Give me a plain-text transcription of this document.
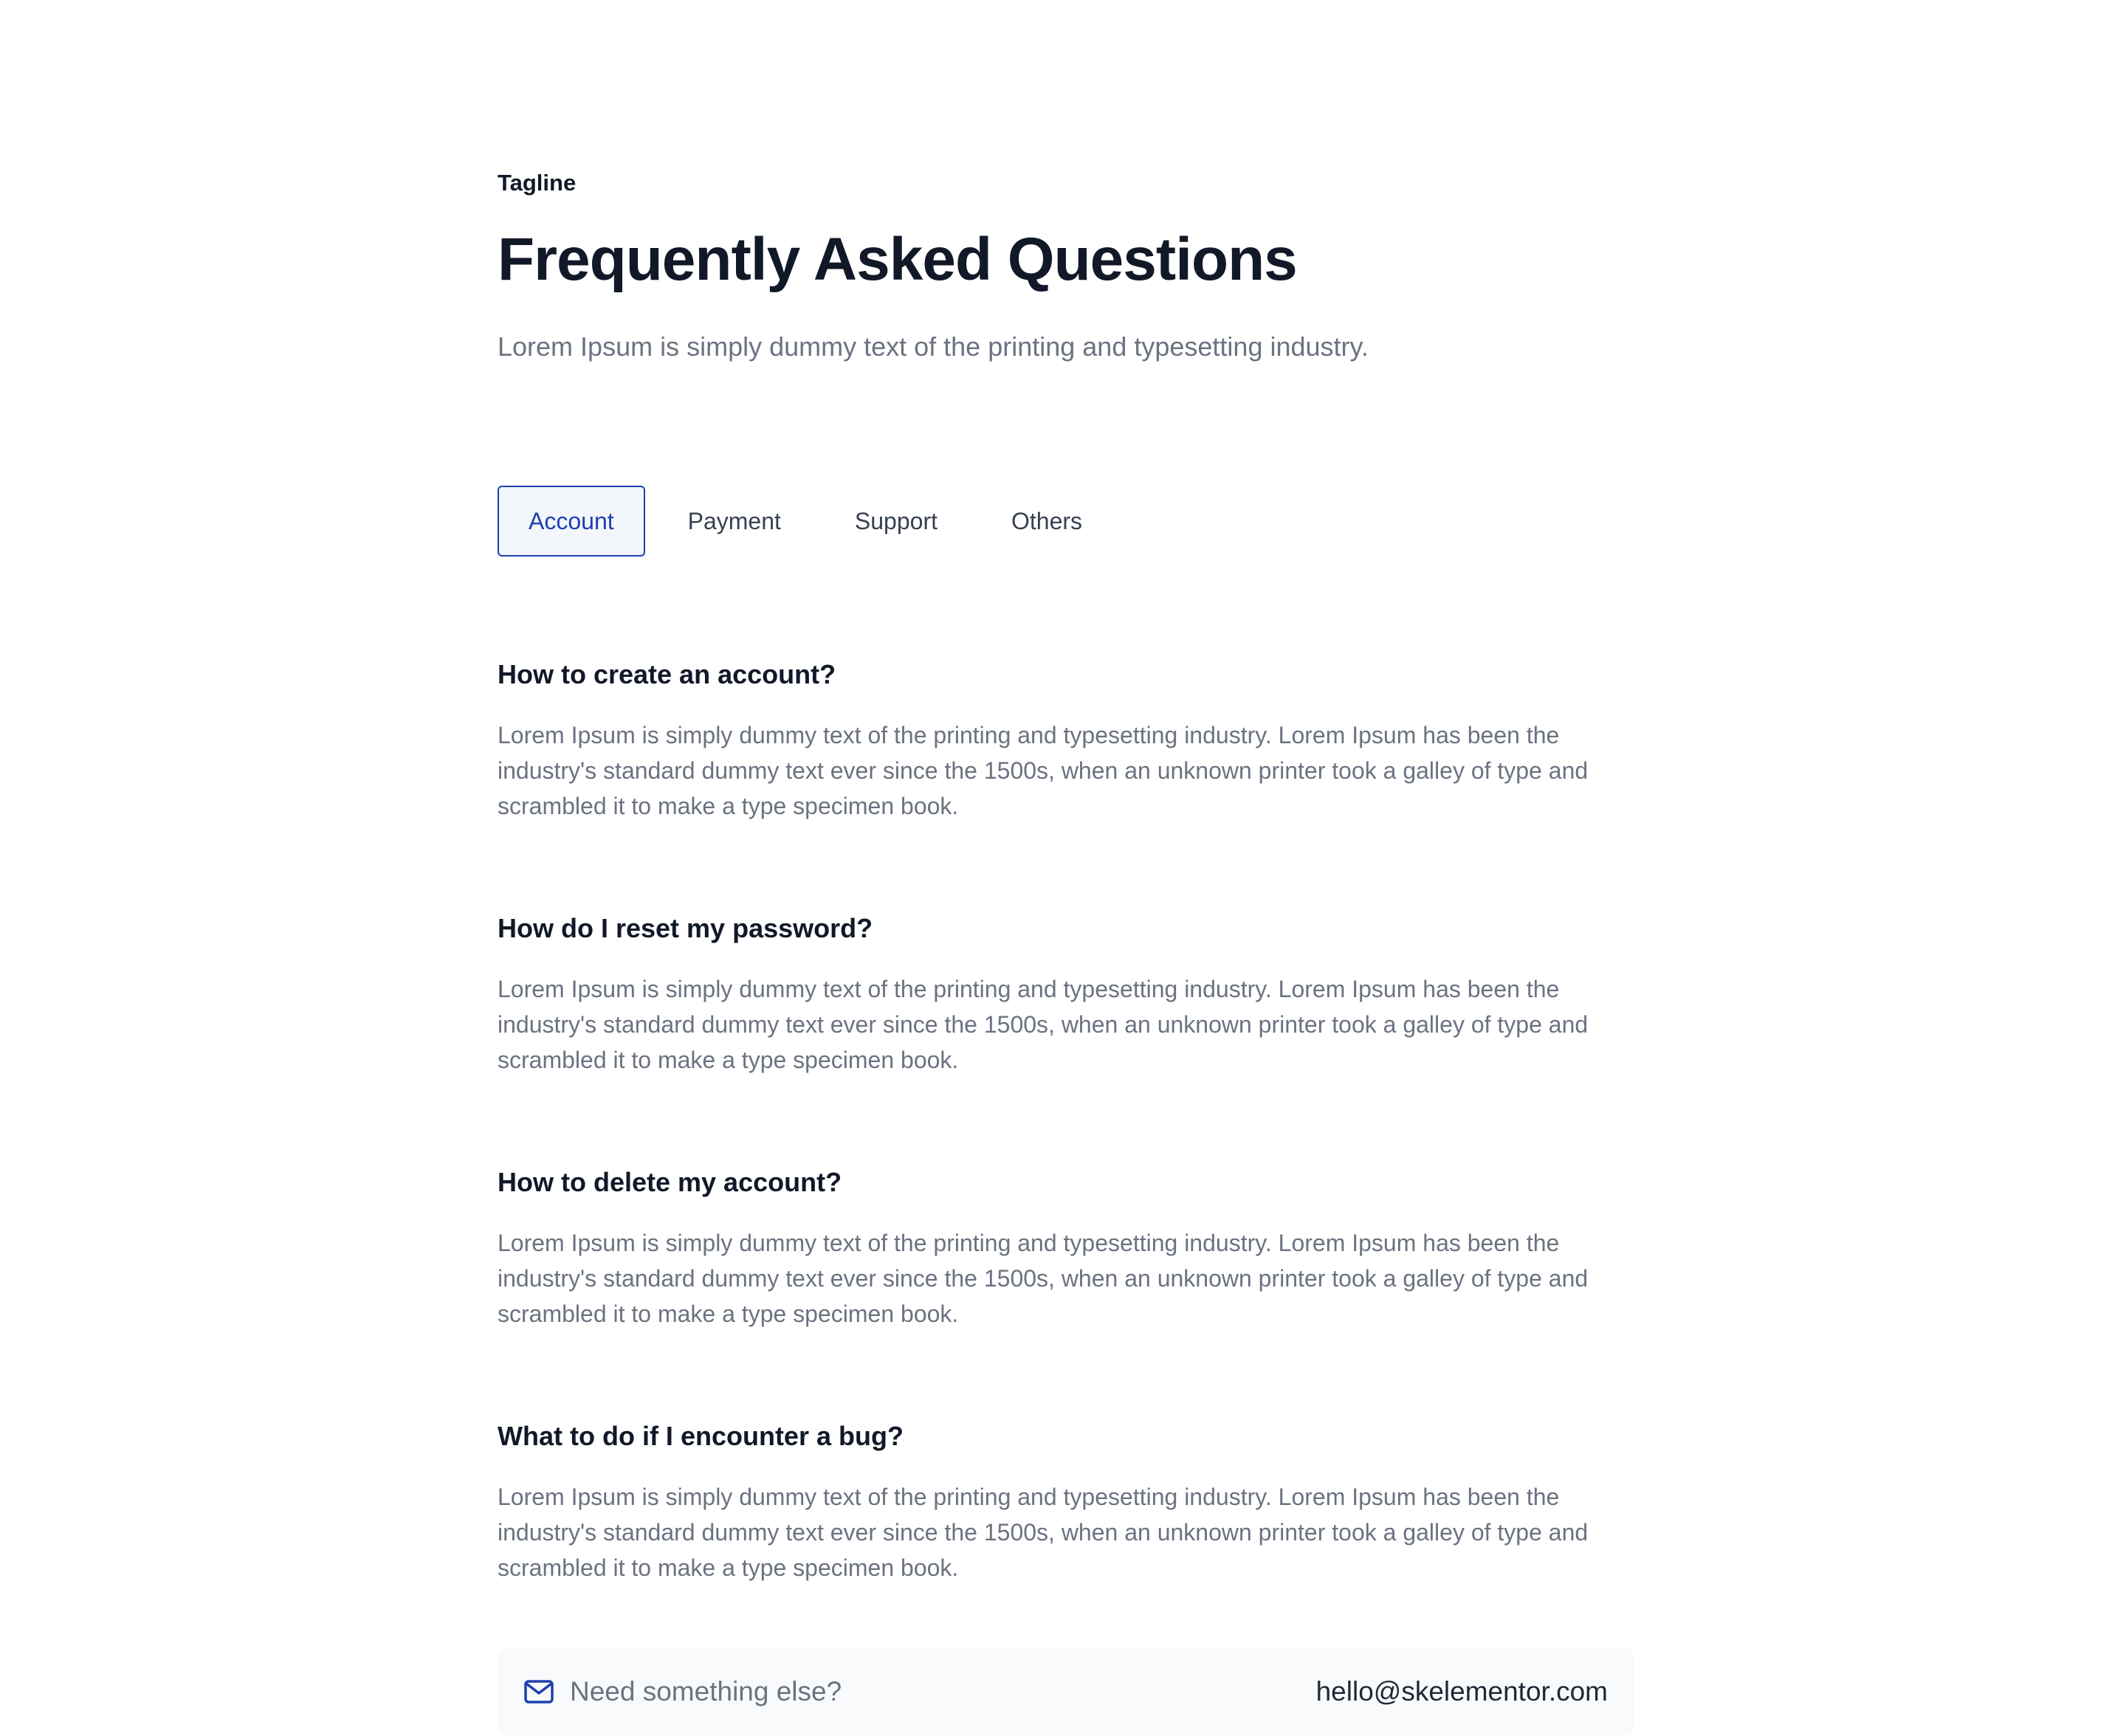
Tagline

Frequently Asked Questions

Lorem Ipsum is simply dummy text of the printing and typesetting industry.

Account	Payment	Support	Others
How to create an account?

Lorem Ipsum is simply dummy text of the printing and typesetting industry. Lorem Ipsum has been the industry's standard dummy text ever since the 1500s, when an unknown printer took a galley of type and scrambled it to make a type specimen book.

How do I reset my password?

Lorem Ipsum is simply dummy text of the printing and typesetting industry. Lorem Ipsum has been the industry's standard dummy text ever since the 1500s, when an unknown printer took a galley of type and scrambled it to make a type specimen book.

How to delete my account?

Lorem Ipsum is simply dummy text of the printing and typesetting industry. Lorem Ipsum has been the industry's standard dummy text ever since the 1500s, when an unknown printer took a galley of type and scrambled it to make a type specimen book.

What to do if I encounter a bug?

Lorem Ipsum is simply dummy text of the printing and typesetting industry. Lorem Ipsum has been the industry's standard dummy text ever since the 1500s, when an unknown printer took a galley of type and scrambled it to make a type specimen book.

Need something else?	hello@skelementor.com
